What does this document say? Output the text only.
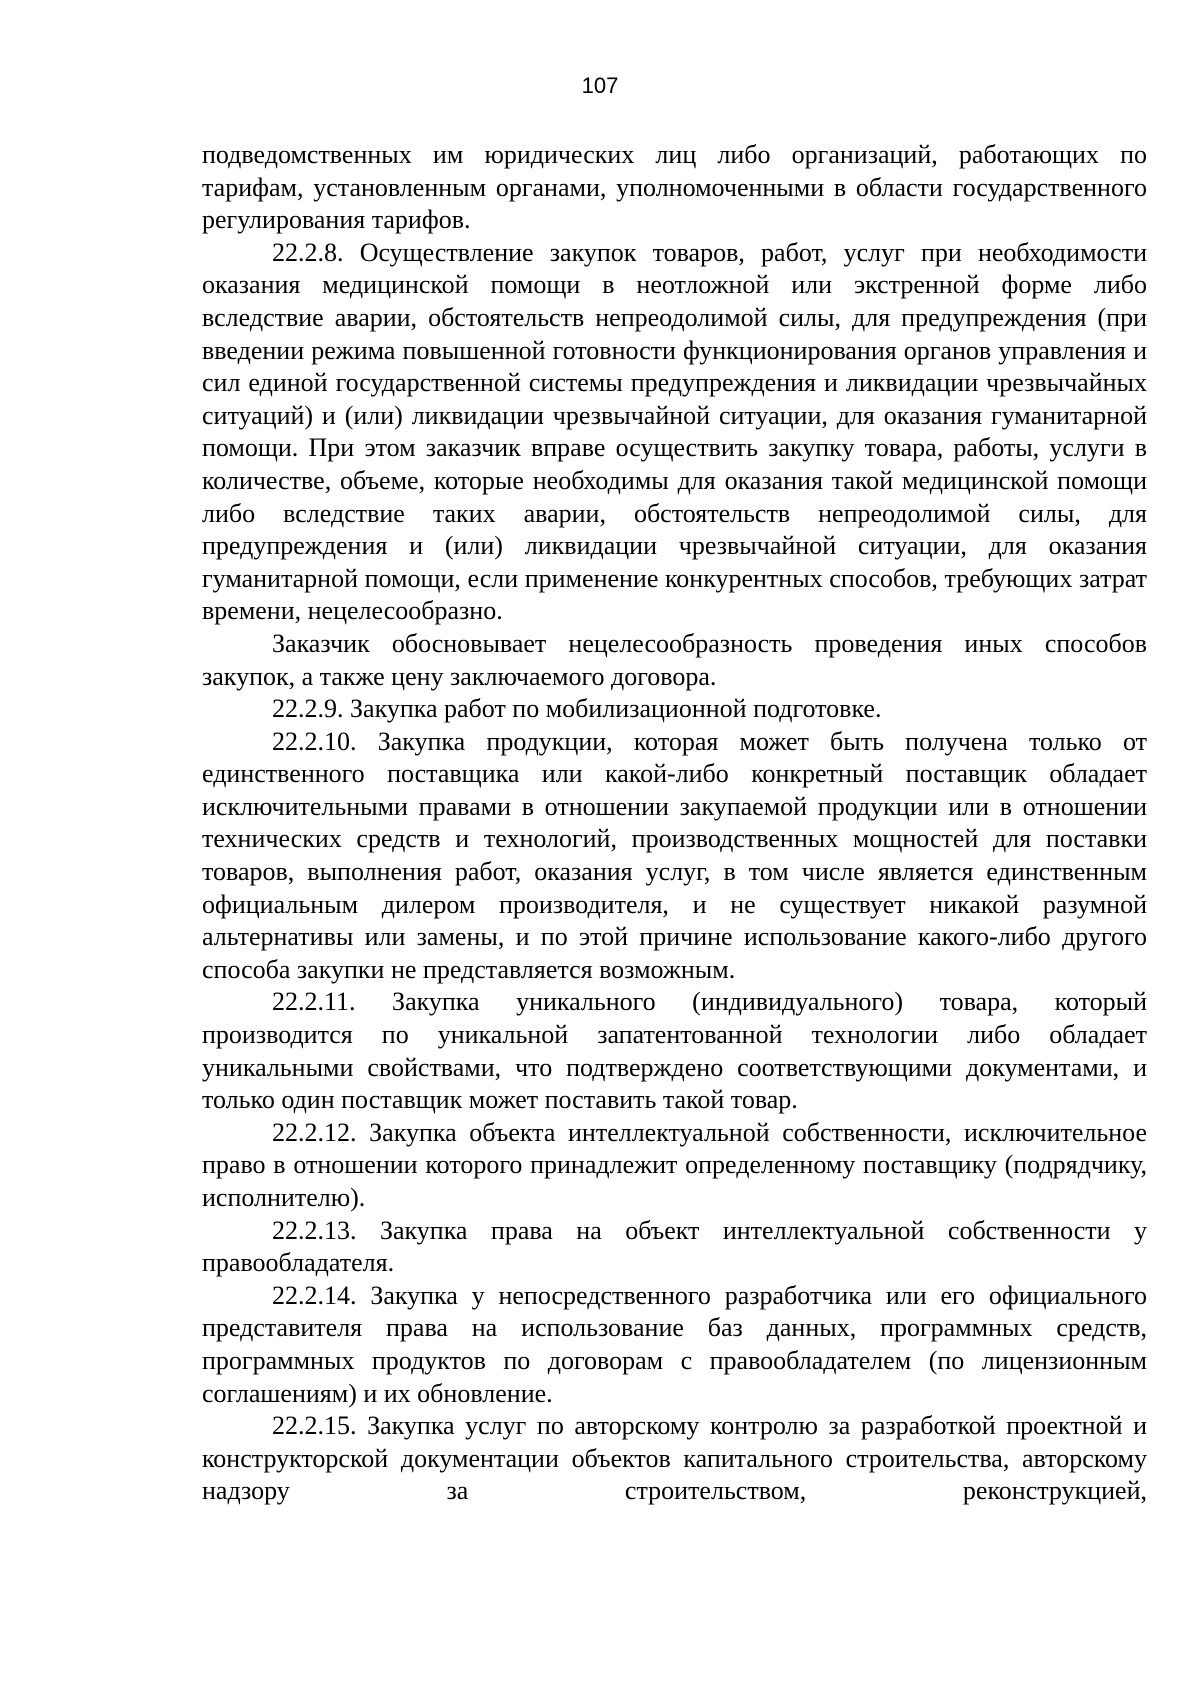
107

подведомственных им юридических лиц либо организаций, работающих по тарифам, установленным органами, уполномоченными в области государственного регулирования тарифов.

22.2.8. Осуществление закупок товаров, работ, услуг при необходимости оказания медицинской помощи в неотложной или экстренной форме либо вследствие аварии, обстоятельств непреодолимой силы, для предупреждения (при введении режима повышенной готовности функционирования органов управления и сил единой государственной системы предупреждения и ликвидации чрезвычайных ситуаций) и (или) ликвидации чрезвычайной ситуации, для оказания гуманитарной помощи. При этом заказчик вправе осуществить закупку товара, работы, услуги в количестве, объеме, которые необходимы для оказания такой медицинской помощи либо вследствие таких аварии, обстоятельств непреодолимой силы, для предупреждения и (или) ликвидации чрезвычайной ситуации, для оказания гуманитарной помощи, если применение конкурентных способов, требующих затрат времени, нецелесообразно.

Заказчик обосновывает нецелесообразность проведения иных способов закупок, а также цену заключаемого договора.

22.2.9. Закупка работ по мобилизационной подготовке.

22.2.10. Закупка продукции, которая может быть получена только от единственного поставщика или какой-либо конкретный поставщик обладает исключительными правами в отношении закупаемой продукции или в отношении технических средств и технологий, производственных мощностей для поставки товаров, выполнения работ, оказания услуг, в том числе является единственным официальным дилером производителя, и не существует никакой разумной альтернативы или замены, и по этой причине использование какого-либо другого способа закупки не представляется возможным.

22.2.11. Закупка уникального (индивидуального) товара, который производится по уникальной запатентованной технологии либо обладает уникальными свойствами, что подтверждено соответствующими документами, и только один поставщик может поставить такой товар.

22.2.12. Закупка объекта интеллектуальной собственности, исключительное право в отношении которого принадлежит определенному поставщику (подрядчику, исполнителю).

22.2.13. Закупка права на объект интеллектуальной собственности у правообладателя.

22.2.14. Закупка у непосредственного разработчика или его официального представителя права на использование баз данных, программных средств, программных продуктов по договорам с правообладателем (по лицензионным соглашениям) и их обновление.

22.2.15. Закупка услуг по авторскому контролю за разработкой проектной и конструкторской документации объектов капитального строительства, авторскому надзору за строительством, реконструкцией,
